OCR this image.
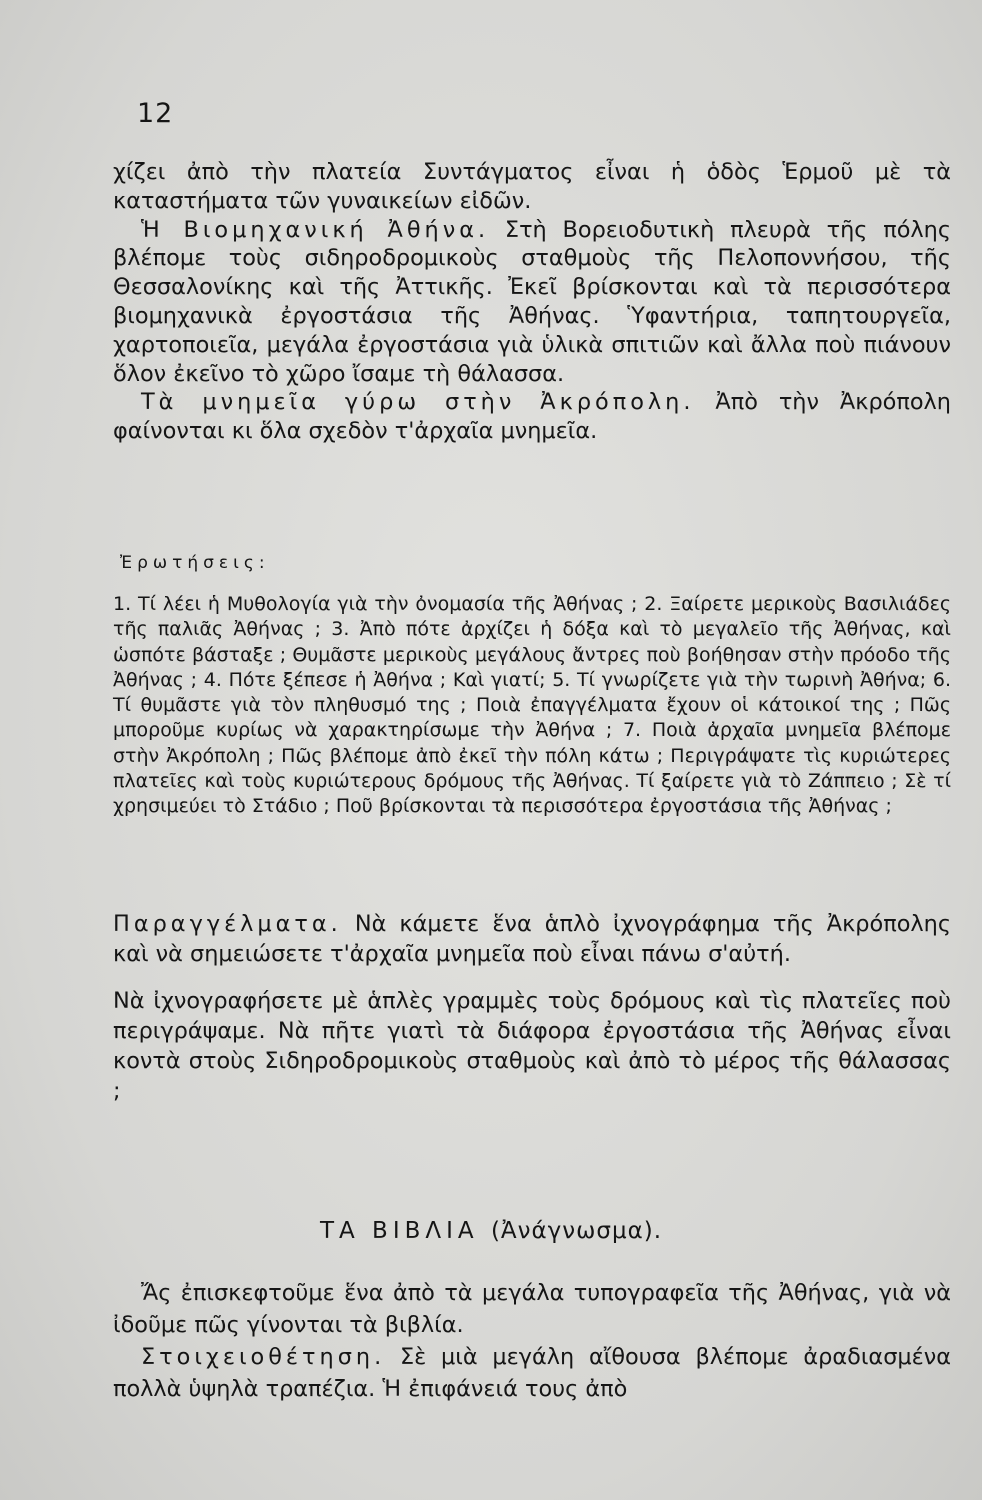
12

χίζει ἀπὸ τὴν πλατεία Συντάγματος εἶναι ἡ ὁδὸς Ἑρμοῦ μὲ τὰ καταστήματα τῶν γυναικείων εἰδῶν.

Ἡ Βιομηχανική Ἀθήνα. Στὴ Βορειοδυτικὴ πλευρὰ τῆς πόλης βλέπομε τοὺς σιδηροδρομικοὺς σταθμοὺς τῆς Πελοποννήσου, τῆς Θεσσαλονίκης καὶ τῆς Ἀττικῆς. Ἐκεῖ βρίσκονται καὶ τὰ περισσότερα βιομηχανικὰ ἐργοστάσια τῆς Ἀθήνας. Ὑφαντήρια, ταπητουργεῖα, χαρτοποιεῖα, μεγάλα ἐργοστάσια γιὰ ὑλικὰ σπιτιῶν καὶ ἄλλα ποὺ πιάνουν ὅλον ἐκεῖνο τὸ χῶρο ἴσαμε τὴ θάλασσα.

Τὰ μνημεῖα γύρω στὴν Ἀκρόπολη. Ἀπὸ τὴν Ἀκρόπολη φαίνονται κι ὅλα σχεδὸν τ'ἀρχαῖα μνημεῖα.

Ἐρωτήσεις:
1. Τί λέει ἡ Μυθολογία γιὰ τὴν ὀνομασία τῆς Ἀθήνας ; 2. Ξαίρετε μερικοὺς Βασιλιάδες τῆς παλιᾶς Ἀθήνας ; 3. Ἀπὸ πότε ἀρχίζει ἡ δόξα καὶ τὸ μεγαλεῖο τῆς Ἀθήνας, καὶ ὡσπότε βάσταξε ; Θυμᾶστε μερικοὺς μεγάλους ἄντρες ποὺ βοήθησαν στὴν πρόοδο τῆς Ἀθήνας ; 4. Πότε ξέπεσε ἡ Ἀθήνα ; Καὶ γιατί; 5. Τί γνωρίζετε γιὰ τὴν τωρινὴ Ἀθήνα; 6. Τί θυμᾶστε γιὰ τὸν πληθυσμό της ; Ποιὰ ἐπαγγέλματα ἔχουν οἱ κάτοικοί της ; Πῶς μποροῦμε κυρίως νὰ χαρακτηρίσωμε τὴν Ἀθήνα ; 7. Ποιὰ ἀρχαῖα μνημεῖα βλέπομε στὴν Ἀκρόπολη ; Πῶς βλέπομε ἀπὸ ἐκεῖ τὴν πόλη κάτω ; Περιγράψατε τὶς κυριώτερες πλατεῖες καὶ τοὺς κυριώτερους δρόμους τῆς Ἀθήνας. Τί ξαίρετε γιὰ τὸ Ζάππειο ; Σὲ τί χρησιμεύει τὸ Στάδιο ; Ποῦ βρίσκονται τὰ περισσότερα ἐργοστάσια τῆς Ἀθήνας ;

Παραγγέλματα. Νὰ κάμετε ἕνα ἁπλὸ ἰχνογράφημα τῆς Ἀκρόπολης καὶ νὰ σημειώσετε τ'ἀρχαῖα μνημεῖα ποὺ εἶναι πάνω σ'αὐτή.

Νὰ ἰχνογραφήσετε μὲ ἁπλὲς γραμμὲς τοὺς δρόμους καὶ τὶς πλατεῖες ποὺ περιγράψαμε. Νὰ πῆτε γιατὶ τὰ διάφορα ἐργοστάσια τῆς Ἀθήνας εἶναι κοντὰ στοὺς Σιδηροδρομικοὺς σταθμοὺς καὶ ἀπὸ τὸ μέρος τῆς θάλασσας ;

ΤΑ ΒΙΒΛΙΑ (Ἀνάγνωσμα).

Ἄς ἐπισκεφτοῦμε ἕνα ἀπὸ τὰ μεγάλα τυπογραφεῖα τῆς Ἀθήνας, γιὰ νὰ ἰδοῦμε πῶς γίνονται τὰ βιβλία.

Στοιχειοθέτηση. Σὲ μιὰ μεγάλη αἴθουσα βλέπομε ἀραδιασμένα πολλὰ ὑψηλὰ τραπέζια. Ἡ ἐπιφάνειά τους ἀπὸ
